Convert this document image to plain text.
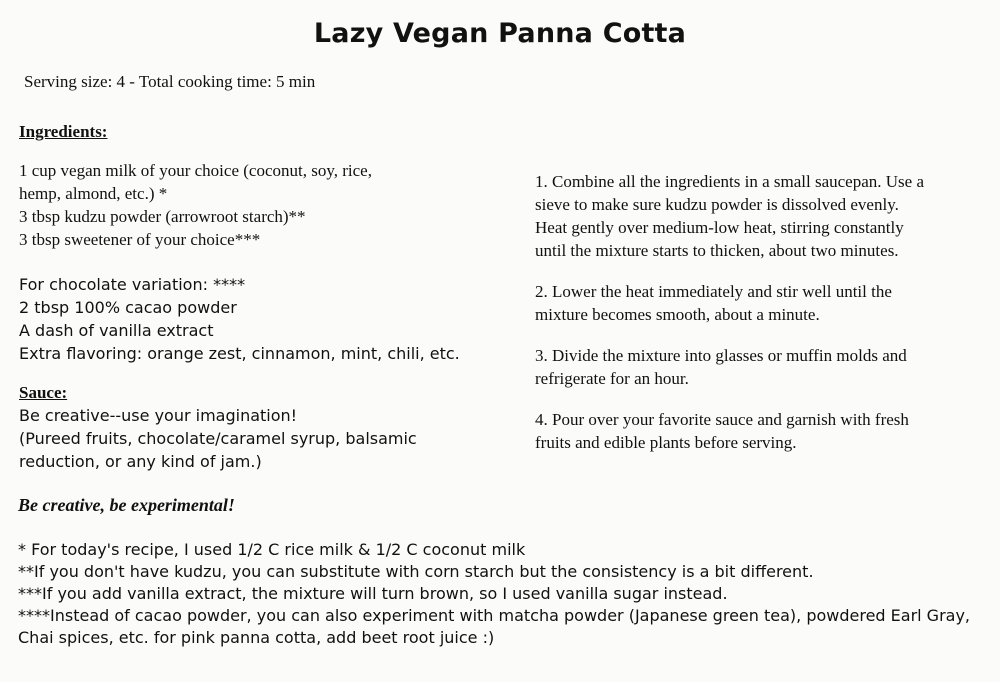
Lazy Vegan Panna Cotta
Serving size: 4 - Total cooking time: 5 min
Ingredients:
1 cup vegan milk of your choice (coconut, soy, rice,
hemp, almond, etc.) *
3 tbsp kudzu powder (arrowroot starch)**
3 tbsp sweetener of your choice***
For chocolate variation: ****
2 tbsp 100% cacao powder
A dash of vanilla extract
Extra flavoring: orange zest, cinnamon, mint, chili, etc.
Sauce:
Be creative--use your imagination!
(Pureed fruits, chocolate/caramel syrup, balsamic
reduction, or any kind of jam.)
1. Combine all the ingredients in a small saucepan. Use a
sieve to make sure kudzu powder is dissolved evenly.
Heat gently over medium-low heat, stirring constantly
until the mixture starts to thicken, about two minutes.
2. Lower the heat immediately and stir well until the
mixture becomes smooth, about a minute.
3. Divide the mixture into glasses or muffin molds and
refrigerate for an hour.
4. Pour over your favorite sauce and garnish with fresh
fruits and edible plants before serving.
Be creative, be experimental!
* For today's recipe, I used 1/2 C rice milk & 1/2 C coconut milk
**If you don't have kudzu, you can substitute with corn starch but the consistency is a bit different.
***If you add vanilla extract, the mixture will turn brown, so I used vanilla sugar instead.
****Instead of cacao powder, you can also experiment with matcha powder (Japanese green tea), powdered Earl Gray,
Chai spices, etc. for pink panna cotta, add beet root juice :)
